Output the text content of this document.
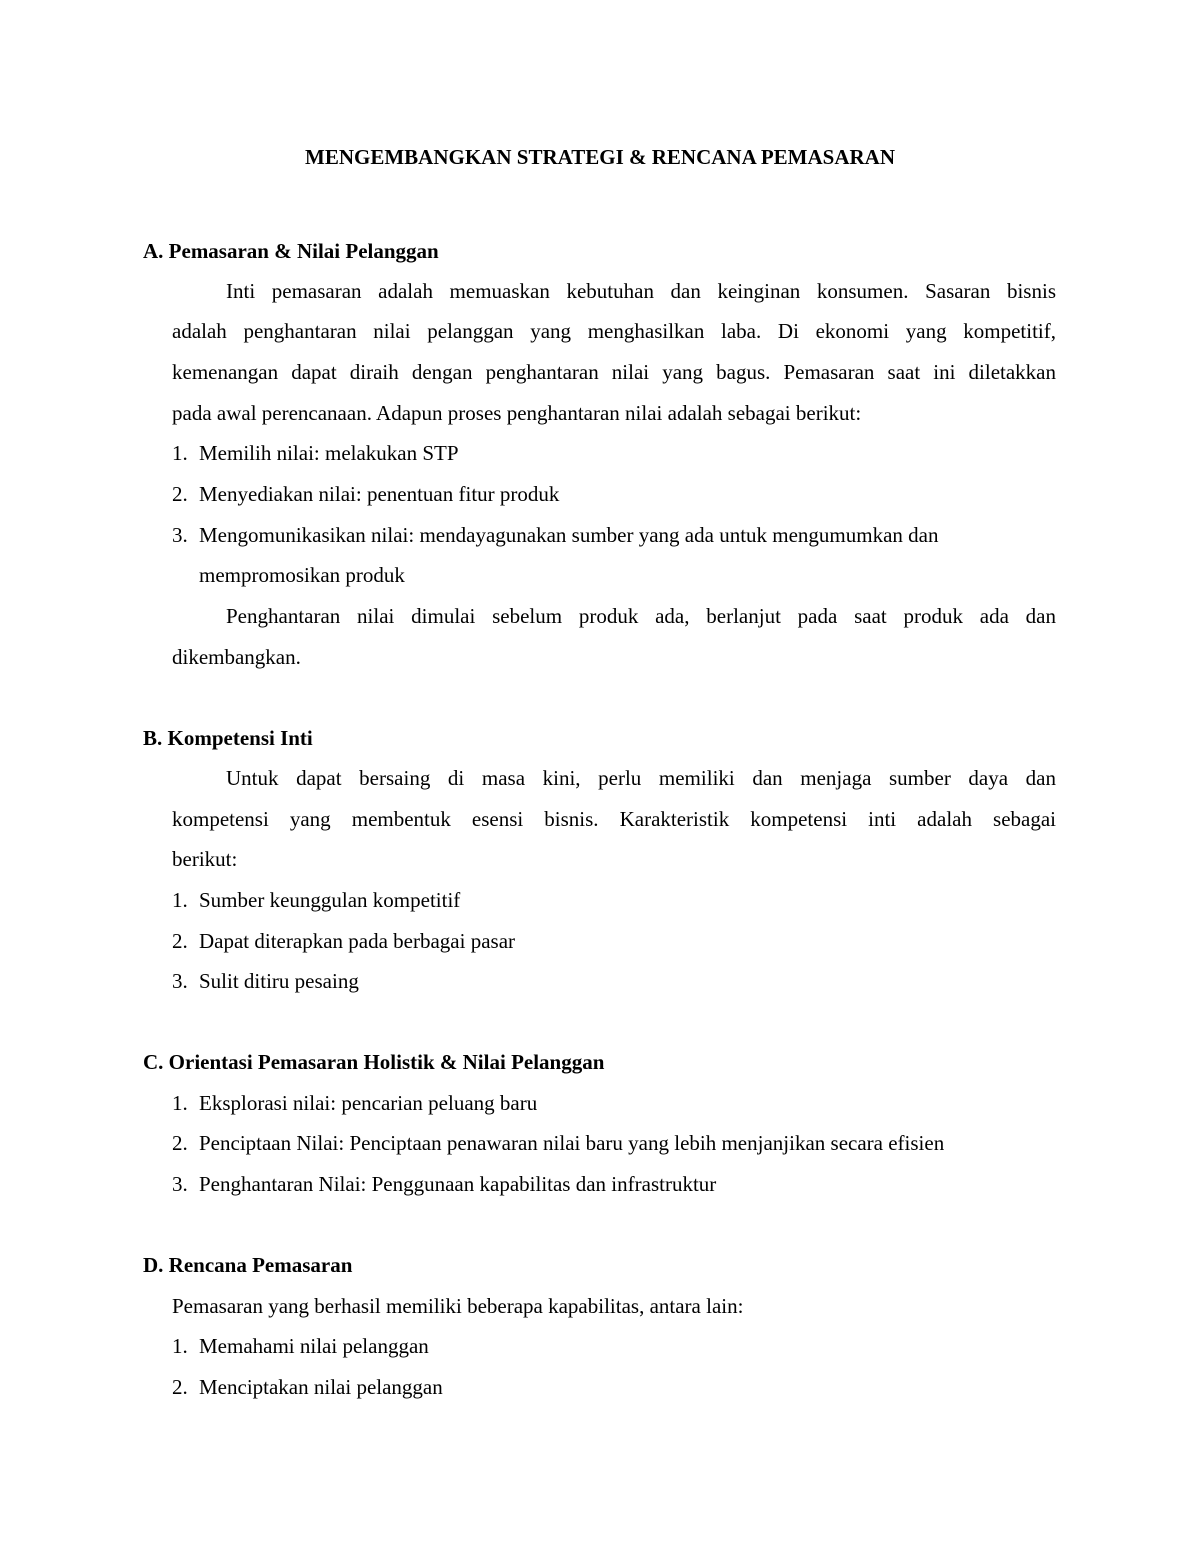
MENGEMBANGKAN STRATEGI & RENCANA PEMASARAN
A. Pemasaran & Nilai Pelanggan
Inti pemasaran adalah memuaskan kebutuhan dan keinginan konsumen. Sasaran bisnis
adalah penghantaran nilai pelanggan yang menghasilkan laba. Di ekonomi yang kompetitif,
kemenangan dapat diraih dengan penghantaran nilai yang bagus. Pemasaran saat ini diletakkan
pada awal perencanaan. Adapun proses penghantaran nilai adalah sebagai berikut:
1. Memilih nilai: melakukan STP
2. Menyediakan nilai: penentuan fitur produk
3. Mengomunikasikan nilai: mendayagunakan sumber yang ada untuk mengumumkan dan
mempromosikan produk
Penghantaran nilai dimulai sebelum produk ada, berlanjut pada saat produk ada dan
dikembangkan.
B. Kompetensi Inti
Untuk dapat bersaing di masa kini, perlu memiliki dan menjaga sumber daya dan
kompetensi yang membentuk esensi bisnis. Karakteristik kompetensi inti adalah sebagai
berikut:
1. Sumber keunggulan kompetitif
2. Dapat diterapkan pada berbagai pasar
3. Sulit ditiru pesaing
C. Orientasi Pemasaran Holistik & Nilai Pelanggan
1. Eksplorasi nilai: pencarian peluang baru
2. Penciptaan Nilai: Penciptaan penawaran nilai baru yang lebih menjanjikan secara efisien
3. Penghantaran Nilai: Penggunaan kapabilitas dan infrastruktur
D. Rencana Pemasaran
Pemasaran yang berhasil memiliki beberapa kapabilitas, antara lain:
1. Memahami nilai pelanggan
2. Menciptakan nilai pelanggan
